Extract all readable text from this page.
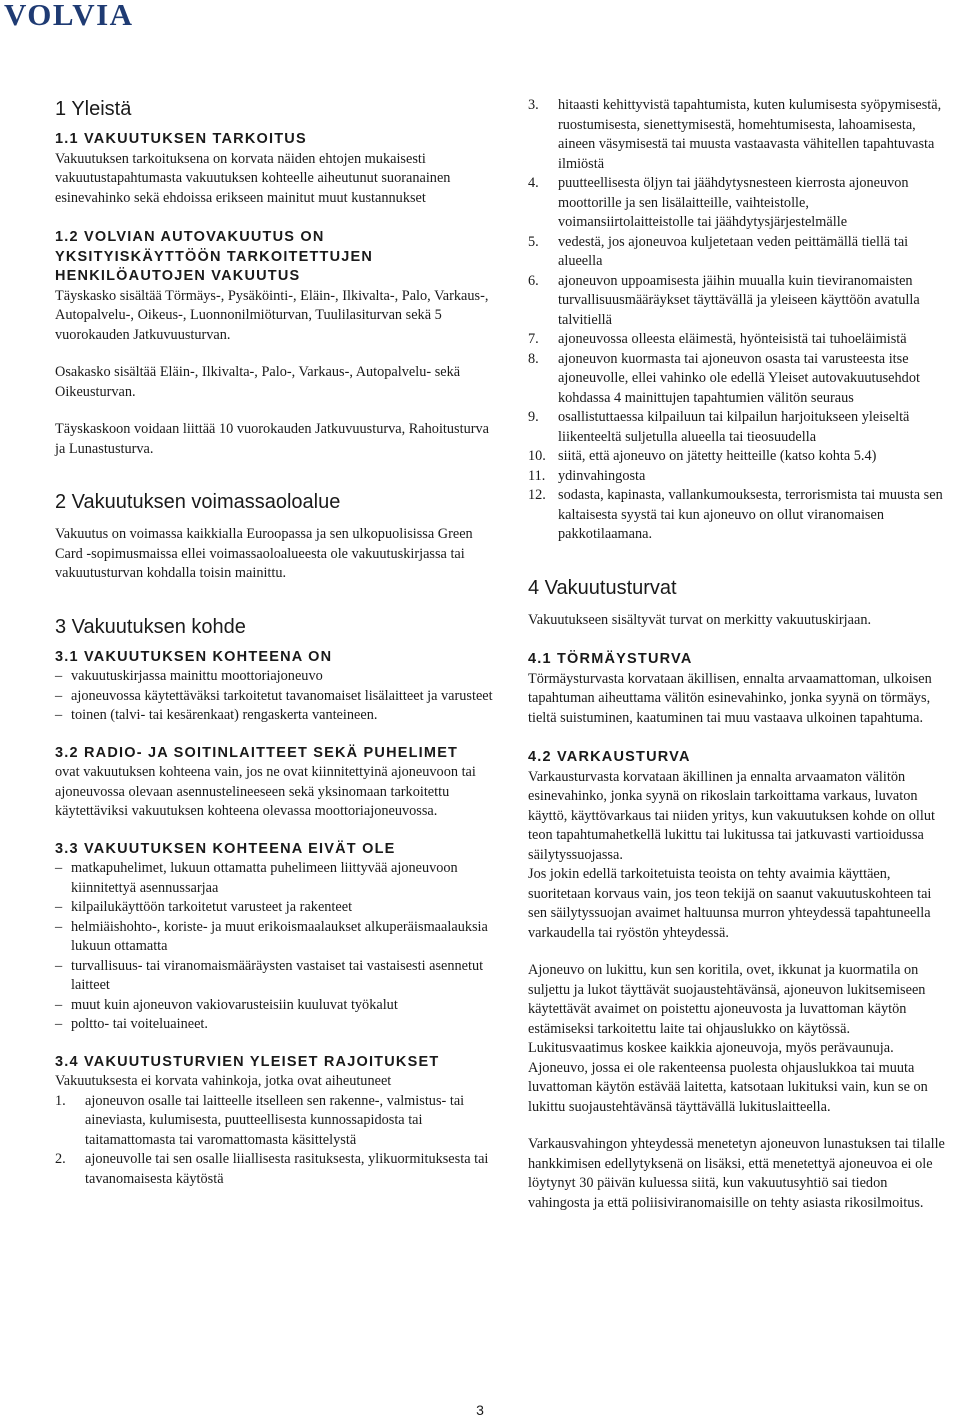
VOLVIA
1 Yleistä
1.1 VAKUUTUKSEN TARKOITUS

Vakuutuksen tarkoituksena on korvata näiden ehtojen mukaisesti vakuutustapahtumasta vakuutuksen kohteelle aiheutunut suoranainen esinevahinko sekä ehdoissa erikseen mainitut muut kustannukset

1.2 VOLVIAN AUTOVAKUUTUS ON YKSITYISKÄYTTÖÖN TARKOITETTUJEN HENKILÖAUTOJEN VAKUUTUS

Täyskasko sisältää Törmäys-, Pysäköinti-, Eläin-, Ilkivalta-, Palo, Varkaus-, Autopalvelu-, Oikeus-, Luonnonilmiöturvan, Tuulilasiturvan sekä 5 vuorokauden Jatkuvuusturvan.

Osakasko sisältää Eläin-, Ilkivalta-, Palo-, Varkaus-, Autopalvelu- sekä Oikeusturvan.

Täyskaskoon voidaan liittää 10 vuorokauden Jatkuvuusturva, Rahoitusturva ja Lunastusturva.

2 Vakuutuksen voimassaoloalue

Vakuutus on voimassa kaikkialla Euroopassa ja sen ulkopuolisissa Green Card -sopimusmaissa ellei voimassaoloalueesta ole vakuutuskirjassa tai vakuutusturvan kohdalla toisin mainittu.

3 Vakuutuksen kohde
3.1 VAKUUTUKSEN KOHTEENA ON
– vakuutuskirjassa mainittu moottoriajoneuvo
– ajoneuvossa käytettäväksi tarkoitetut tavanomaiset lisälaitteet ja varusteet
– toinen (talvi- tai kesärenkaat) rengaskerta vanteineen.
3.2 RADIO- JA SOITINLAITTEET SEKÄ PUHELIMET

ovat vakuutuksen kohteena vain, jos ne ovat kiinnitettyinä ajoneuvoon tai ajoneuvossa olevaan asennustelineeseen sekä yksinomaan tarkoitettu käytettäviksi vakuutuksen kohteena olevassa moottoriajoneuvossa.

3.3 VAKUUTUKSEN KOHTEENA EIVÄT OLE
– matkapuhelimet, lukuun ottamatta puhelimeen liittyvää ajoneuvoon kiinnitettyä asennussarjaa
– kilpailukäyttöön tarkoitetut varusteet ja rakenteet
– helmiäishohto-, koriste- ja muut erikoismaalaukset alkuperäismaalauksia lukuun ottamatta
– turvallisuus- tai viranomaismääräysten vastaiset tai vastaisesti asennetut laitteet
– muut kuin ajoneuvon vakiovarusteisiin kuuluvat työkalut
– poltto- tai voiteluaineet.
3.4 VAKUUTUSTURVIEN YLEISET RAJOITUKSET

Vakuutuksesta ei korvata vahinkoja, jotka ovat aiheutuneet

1. ajoneuvon osalle tai laitteelle itselleen sen rakenne-, valmistus- tai aineviasta, kulumisesta, puutteellisesta kunnossapidosta tai taitamattomasta tai varomattomasta käsittelystä
2. ajoneuvolle tai sen osalle liiallisesta rasituksesta, ylikuormituksesta tai tavanomaisesta käytöstä
3. hitaasti kehittyvistä tapahtumista, kuten kulumisesta syöpymisestä, ruostumisesta, sienettymisestä, homehtumisesta, lahoamisesta, aineen väsymisestä tai muusta vastaavasta vähitellen tapahtuvasta ilmiöstä
4. puutteellisesta öljyn tai jäähdytysnesteen kierrosta ajoneuvon moottorille ja sen lisälaitteille, vaihteistolle, voimansiirtolaitteistolle tai jäähdytysjärjestelmälle
5. vedestä, jos ajoneuvoa kuljetetaan veden peittämällä tiellä tai alueella
6. ajoneuvon uppoamisesta jäihin muualla kuin tieviranomaisten turvallisuusmääräykset täyttävällä ja yleiseen käyttöön avatulla talvitiellä
7. ajoneuvossa olleesta eläimestä, hyönteisistä tai tuhoeläimistä
8. ajoneuvon kuormasta tai ajoneuvon osasta tai varusteesta itse ajoneuvolle, ellei vahinko ole edellä Yleiset autovakuutusehdot kohdassa 4 mainittujen tapahtumien välitön seuraus
9. osallistuttaessa kilpailuun tai kilpailun harjoitukseen yleiseltä liikenteeltä suljetulla alueella tai tieosuudella
10. siitä, että ajoneuvo on jätetty heitteille (katso kohta 5.4)
11. ydinvahingosta
12. sodasta, kapinasta, vallankumouksesta, terrorismista tai muusta sen kaltaisesta syystä tai kun ajoneuvo on ollut viranomaisen pakkotilaamana.
4 Vakuutusturvat

Vakuutukseen sisältyvät turvat on merkitty vakuutuskirjaan.

4.1 TÖRMÄYSTURVA

Törmäysturvasta korvataan äkillisen, ennalta arvaamattoman, ulkoisen tapahtuman aiheuttama välitön esinevahinko, jonka syynä on törmäys, tieltä suistuminen, kaatuminen tai muu vastaava ulkoinen tapahtuma.

4.2 VARKAUSTURVA

Varkausturvasta korvataan äkillinen ja ennalta arvaamaton välitön esinevahinko, jonka syynä on rikoslain tarkoittama varkaus, luvaton käyttö, käyttövarkaus tai niiden yritys, kun vakuutuksen kohde on ollut teon tapahtumahetkellä lukittu tai lukitussa tai jatkuvasti vartioidussa säilytyssuojassa.

Jos jokin edellä tarkoitetuista teoista on tehty avaimia käyttäen, suoritetaan korvaus vain, jos teon tekijä on saanut vakuutuskohteen tai sen säilytyssuojan avaimet haltuunsa murron yhteydessä tapahtuneella varkaudella tai ryöstön yhteydessä.

Ajoneuvo on lukittu, kun sen koritila, ovet, ikkunat ja kuormatila on suljettu ja lukot täyttävät suojaustehtävänsä, ajoneuvon lukitsemiseen käytettävät avaimet on poistettu ajoneuvosta ja luvattoman käytön estämiseksi tarkoitettu laite tai ohjauslukko on käytössä. Lukitusvaatimus koskee kaikkia ajoneuvoja, myös perävaunuja. Ajoneuvo, jossa ei ole rakenteensa puolesta ohjauslukkoa tai muuta luvattoman käytön estävää laitetta, katsotaan lukituksi vain, kun se on lukittu suojaustehtävänsä täyttävällä lukituslaitteella.

Varkausvahingon yhteydessä menetetyn ajoneuvon lunastuksen tai tilalle hankkimisen edellytyksenä on lisäksi, että menetettyä ajoneuvoa ei ole löytynyt 30 päivän kuluessa siitä, kun vakuutusyhtiö sai tiedon vahingosta ja että poliisiviranomaisille on tehty asiasta rikosilmoitus.

3
